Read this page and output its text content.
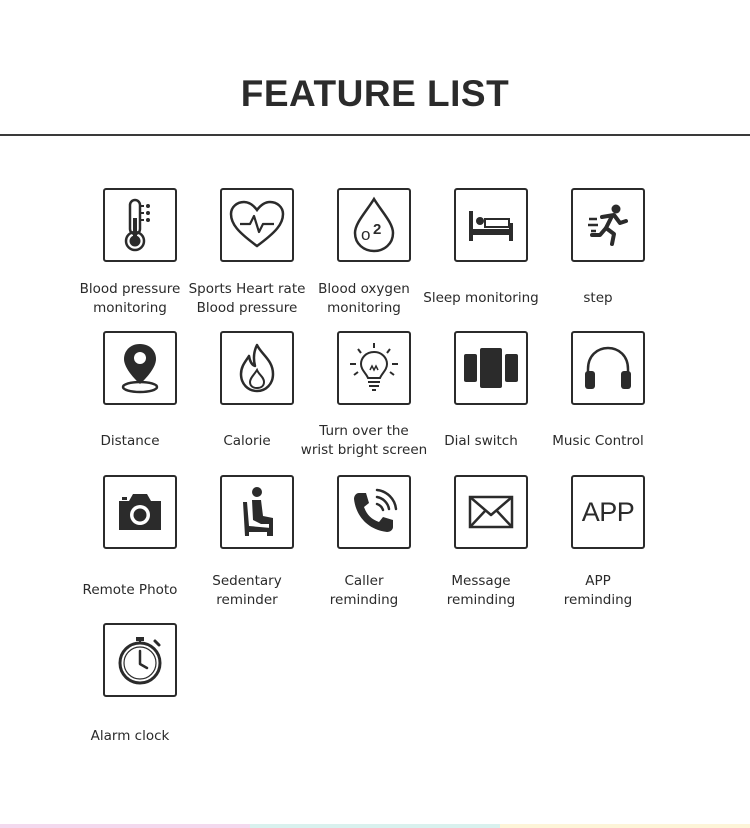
FEATURE LIST
Blood pressure
monitoring
Sports Heart rate
Blood pressure
o 2
Blood oxygen
monitoring
Sleep monitoring	step
Distance	Calorie
Turn over the
wrist bright screen
Dial switch	Music Control
Remote Photo
Sedentary
reminder
Caller
reminding
Message
reminding
APP
APP
reminding
Alarm clock
